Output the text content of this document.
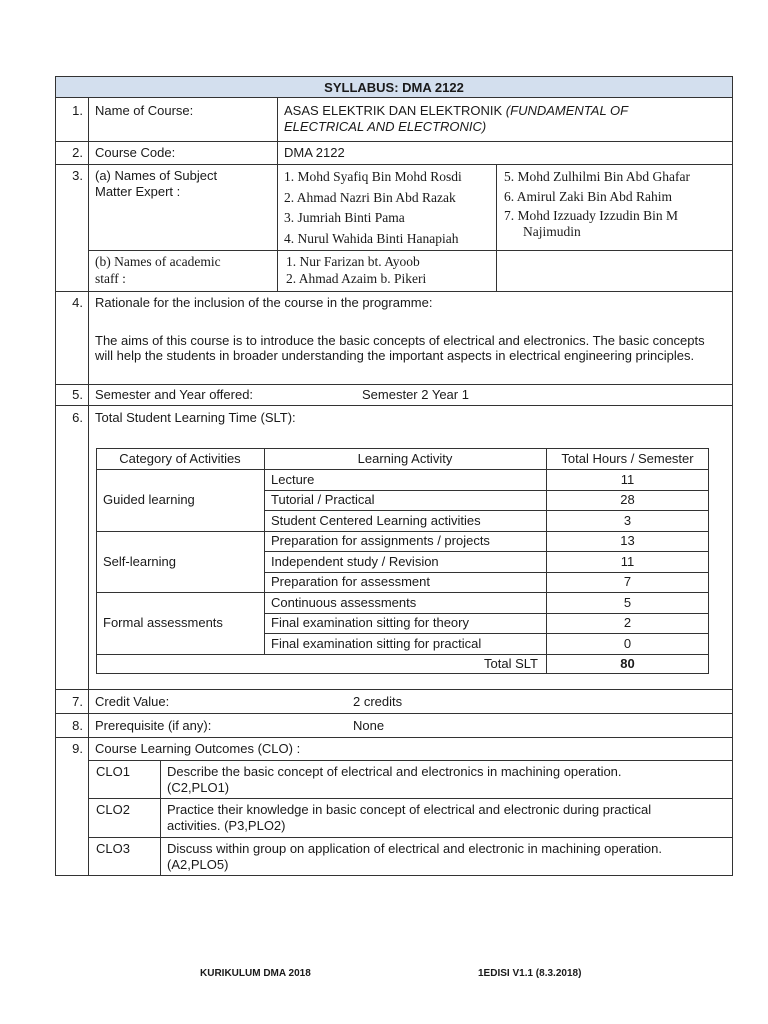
SYLLABUS: DMA 2122
1. Name of Course:	ASAS ELEKTRIK DAN ELEKTRONIK (FUNDAMENTAL OF
ELECTRICAL AND ELECTRONIC)
2. Course Code:	DMA 2122
3. (a) Names of Subject
Matter Expert :
1. Mohd Syafiq Bin Mohd Rosdi
2. Ahmad Nazri Bin Abd Razak
3. Jumriah Binti Pama
4. Nurul Wahida Binti Hanapiah
5. Mohd Zulhilmi Bin Abd Ghafar
6. Amirul Zaki Bin Abd Rahim
7. Mohd Izzuady Izzudin Bin M
Najimudin
(b) Names of academic
staff :
1. Nur Farizan bt. Ayoob
2. Ahmad Azaim b. Pikeri
4. Rationale for the inclusion of the course in the programme:
The aims of this course is to introduce the basic concepts of electrical and electronics. The basic concepts will help the students in broader understanding the important aspects in electrical engineering principles.
5. Semester and Year offered:	Semester 2 Year 1
6. Total Student Learning Time (SLT):
Category of Activities	Learning Activity	Total Hours / Semester
Guided learning
Lecture	11
Tutorial / Practical	28
Student Centered Learning activities	3
Self-learning
Preparation for assignments / projects	13
Independent study / Revision	11
Preparation for assessment	7
Formal assessments
Continuous assessments	5
Final examination sitting for theory	2
Final examination sitting for practical	0
Total SLT	80
7. Credit Value:	2 credits
8. Prerequisite (if any):	None
9. Course Learning Outcomes (CLO) :
CLO1	Describe the basic concept of electrical and electronics in machining operation.
(C2,PLO1)
CLO2	Practice their knowledge in basic concept of electrical and electronic during practical
activities. (P3,PLO2)
CLO3	Discuss within group on application of electrical and electronic in machining operation.
(A2,PLO5)
KURIKULUM DMA 2018	1EDISI V1.1 (8.3.2018)
